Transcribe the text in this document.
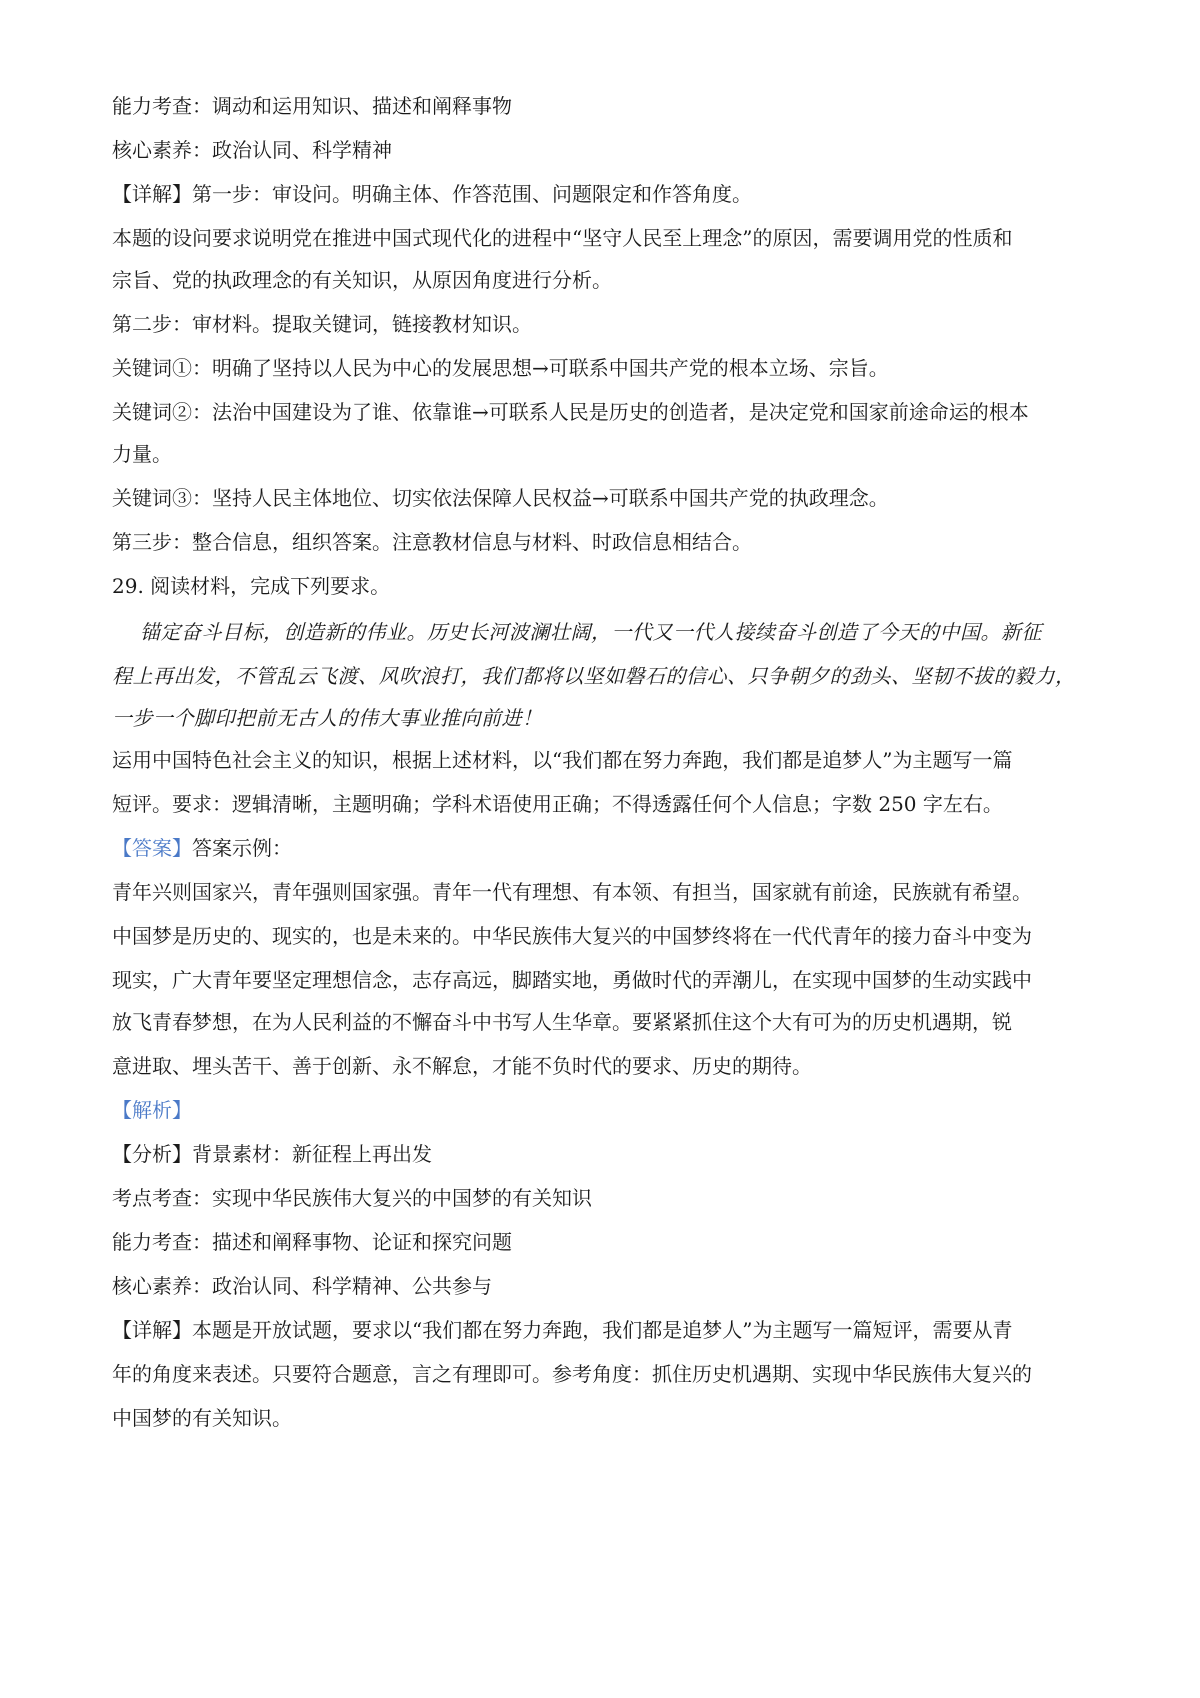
能力考查：调动和运用知识、描述和阐释事物
核心素养：政治认同、科学精神
【详解】第一步：审设问。明确主体、作答范围、问题限定和作答角度。
本题的设问要求说明党在推进中国式现代化的进程中“坚守人民至上理念”的原因，需要调用党的性质和
宗旨、党的执政理念的有关知识，从原因角度进行分析。
第二步：审材料。提取关键词，链接教材知识。
关键词①：明确了坚持以人民为中心的发展思想→可联系中国共产党的根本立场、宗旨。
关键词②：法治中国建设为了谁、依靠谁→可联系人民是历史的创造者，是决定党和国家前途命运的根本
力量。
关键词③：坚持人民主体地位、切实依法保障人民权益→可联系中国共产党的执政理念。
第三步：整合信息，组织答案。注意教材信息与材料、时政信息相结合。
29. 阅读材料，完成下列要求。
锚定奋斗目标，创造新的伟业。历史长河波澜壮阔，一代又一代人接续奋斗创造了今天的中国。新征
程上再出发，不管乱云飞渡、风吹浪打，我们都将以坚如磐石的信心、只争朝夕的劲头、坚韧不拔的毅力，
一步一个脚印把前无古人的伟大事业推向前进！
运用中国特色社会主义的知识，根据上述材料，以“我们都在努力奔跑，我们都是追梦人”为主题写一篇
短评。要求：逻辑清晰，主题明确；学科术语使用正确；不得透露任何个人信息；字数 250 字左右。
【答案】答案示例：
青年兴则国家兴，青年强则国家强。青年一代有理想、有本领、有担当，国家就有前途，民族就有希望。
中国梦是历史的、现实的，也是未来的。中华民族伟大复兴的中国梦终将在一代代青年的接力奋斗中变为
现实，广大青年要坚定理想信念，志存高远，脚踏实地，勇做时代的弄潮儿，在实现中国梦的生动实践中
放飞青春梦想，在为人民利益的不懈奋斗中书写人生华章。要紧紧抓住这个大有可为的历史机遇期，锐
意进取、埋头苦干、善于创新、永不解怠，才能不负时代的要求、历史的期待。
【解析】
【分析】背景素材：新征程上再出发
考点考查：实现中华民族伟大复兴的中国梦的有关知识
能力考查：描述和阐释事物、论证和探究问题
核心素养：政治认同、科学精神、公共参与
【详解】本题是开放试题，要求以“我们都在努力奔跑，我们都是追梦人”为主题写一篇短评，需要从青
年的角度来表述。只要符合题意，言之有理即可。参考角度：抓住历史机遇期、实现中华民族伟大复兴的
中国梦的有关知识。
